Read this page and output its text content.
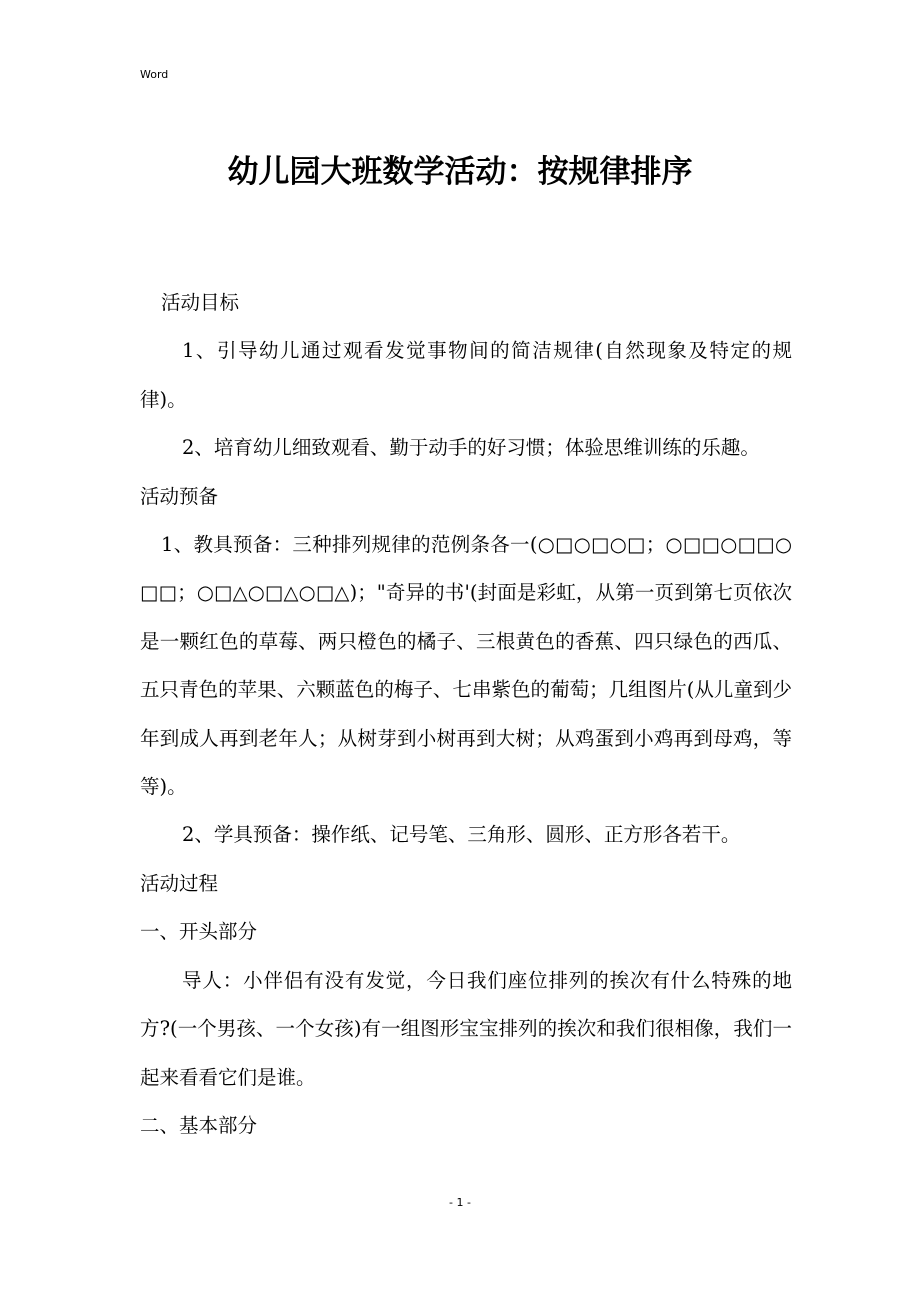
Word
幼儿园大班数学活动：按规律排序

活动目标

1、引导幼儿通过观看发觉事物间的简洁规律(自然现象及特定的规律)。

2、培育幼儿细致观看、勤于动手的好习惯；体验思维训练的乐趣。

活动预备

1、教具预备：三种排列规律的范例条各一(○□○□○□；○□□○□□○□□；○□△○□△○□△)；"奇异的书'(封面是彩虹，从第一页到第七页依次是一颗红色的草莓、两只橙色的橘子、三根黄色的香蕉、四只绿色的西瓜、五只青色的苹果、六颗蓝色的梅子、七串紫色的葡萄；几组图片(从儿童到少年到成人再到老年人；从树芽到小树再到大树；从鸡蛋到小鸡再到母鸡，等等)。

2、学具预备：操作纸、记号笔、三角形、圆形、正方形各若干。

活动过程

一、开头部分

导人：小伴侣有没有发觉，今日我们座位排列的挨次有什么特殊的地方?(一个男孩、一个女孩)有一组图形宝宝排列的挨次和我们很相像，我们一起来看看它们是谁。

二、基本部分

- 1 -
